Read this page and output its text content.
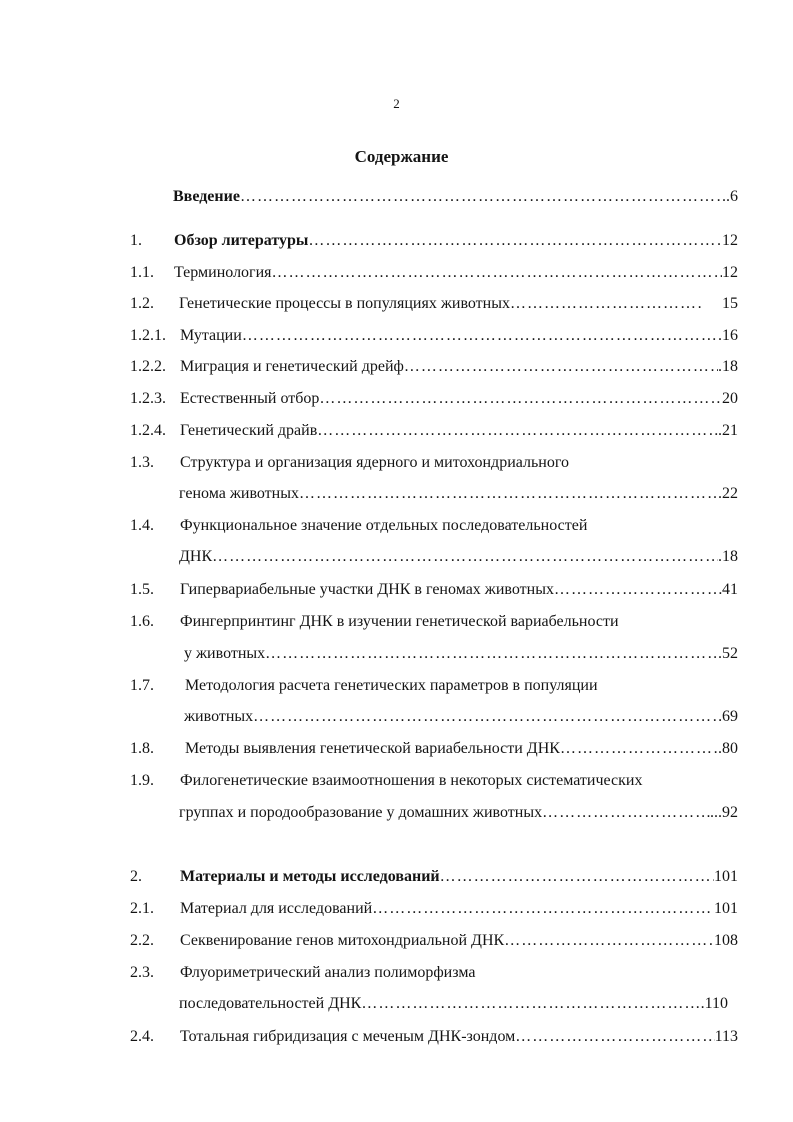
2
Содержание
Введение ……………………………………………………………………………………………………………………………………………………………………	.6
1. Обзор литературы ……………………………………………………………………………………………………………………………………………………………………	12
1.1. Терминология ……………………………………………………………………………………………………………………………………………………………………	12
1.2. Генетические процессы в популяциях животных ……………………………………………………………………………………………………………………………………………………………………	15
1.2.1. Мутации ……………………………………………………………………………………………………………………………………………………………………	.16
1.2.2. Миграция и генетический дрейф ……………………………………………………………………………………………………………………………………………………………………	.18
1.2.3. Естественный отбор ……………………………………………………………………………………………………………………………………………………………………	20
1.2.4. Генетический драйв ……………………………………………………………………………………………………………………………………………………………………	.21
1.3. Структура и организация ядерного и митохондриального
генома животных ……………………………………………………………………………………………………………………………………………………………………	.22
1.4. Функциональное значение отдельных последовательностей
ДНК ……………………………………………………………………………………………………………………………………………………………………	.18
1.5. Гипервариабельные участки ДНК в геномах животных ……………………………………………………………………………………………………………………………………………………………………	41
1.6. Фингерпринтинг ДНК в изучении генетической вариабельности
у животных ……………………………………………………………………………………………………………………………………………………………………	.52
1.7. Методология расчета генетических параметров в популяции
животных ……………………………………………………………………………………………………………………………………………………………………	69
1.8. Методы выявления генетической вариабельности ДНК ……………………………………………………………………………………………………………………………………………………………………	.80
1.9. Филогенетические взаимоотношения в некоторых систематических
группах и породообразование у домашних животных ……………………………………………………………………………………………………………………………………………………………………	...92
2. Материалы и методы исследований ……………………………………………………………………………………………………………………………………………………………………	101
2.1. Материал для исследований ……………………………………………………………………………………………………………………………………………………………………	101
2.2. Секвенирование генов митохондриальной ДНК ……………………………………………………………………………………………………………………………………………………………………	108
2.3. Флуориметрический анализ полиморфизма
последовательностей ДНК ……………………………………………………………………………………………………………………………………………………………………	.110
2.4. Тотальная гибридизация с меченым ДНК-зондом ……………………………………………………………………………………………………………………………………………………………………	113
